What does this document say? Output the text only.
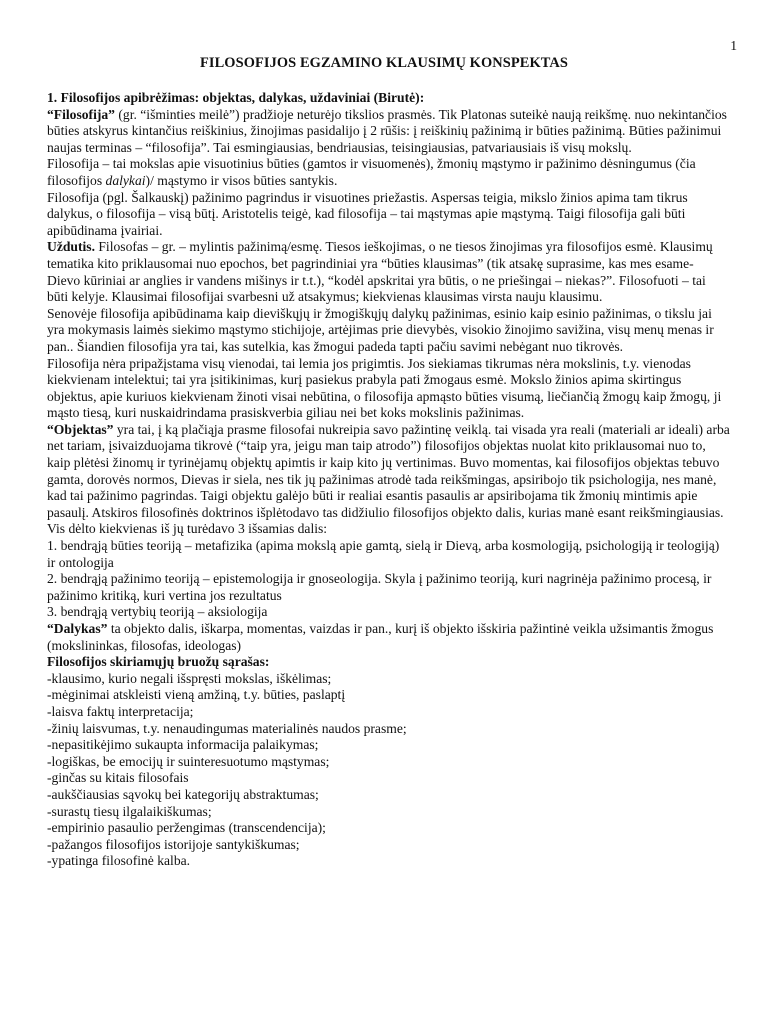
1
FILOSOFIJOS EGZAMINO KLAUSIMŲ KONSPEKTAS

1. Filosofijos apibrėžimas: objektas, dalykas, uždaviniai (Birutė):

“Filosofija” (gr. “išminties meilė”) pradžioje neturėjo tikslios prasmės. Tik Platonas suteikė naują reikšmę. nuo nekintančios būties atskyrus kintančius reiškinius, žinojimas pasidalijo į 2 rūšis: į reiškinių pažinimą ir būties pažinimą. Būties pažinimui naujas terminas – “filosofija”. Tai esmingiausias, bendriausias, teisingiausias, patvariausiais iš visų mokslų.

Filosofija – tai mokslas apie visuotinius būties (gamtos ir visuomenės), žmonių mąstymo ir pažinimo dėsningumus (čia filosofijos dalykai)/ mąstymo ir visos būties santykis.

Filosofija (pgl. Šalkauskį) pažinimo pagrindus ir visuotines priežastis. Aspersas teigia, mikslo žinios apima tam tikrus dalykus, o filosofija – visą būtį. Aristotelis teigė, kad filosofija – tai mąstymas apie mąstymą. Taigi filosofija gali būti apibūdinama įvairiai.

Uždutis. Filosofas – gr. – mylintis pažinimą/esmę. Tiesos ieškojimas, o ne tiesos žinojimas yra filosofijos esmė. Klausimų tematika kito priklausomai nuo epochos, bet pagrindiniai yra “būties klausimas” (tik atsakę suprasime, kas mes esame- Dievo kūriniai ar anglies ir vandens mišinys ir t.t.), “kodėl apskritai yra būtis, o ne priešingai – niekas?”. Filosofuoti – tai būti kelyje. Klausimai filosofijai svarbesni už atsakymus; kiekvienas klausimas virsta nauju klausimu.

Senovėje filosofija apibūdinama kaip dieviškųjų ir žmogiškųjų dalykų pažinimas, esinio kaip esinio pažinimas, o tikslu jai yra mokymasis laimės siekimo mąstymo stichijoje, artėjimas prie dievybės, visokio žinojimo savižina, visų menų menas ir pan.. Šiandien filosofija yra tai, kas sutelkia, kas žmogui padeda tapti pačiu savimi nebėgant nuo tikrovės.

Filosofija nėra pripažįstama visų vienodai, tai lemia jos prigimtis. Jos siekiamas tikrumas nėra mokslinis, t.y. vienodas kiekvienam intelektui; tai yra įsitikinimas, kurį pasiekus prabyla pati žmogaus esmė. Mokslo žinios apima skirtingus objektus, apie kuriuos kiekvienam žinoti visai nebūtina, o filosofija apmąsto būties visumą, liečiančią žmogų kaip žmogų, ji mąsto tiesą, kuri nuskaidrindama prasiskverbia giliau nei bet koks mokslinis pažinimas.

“Objektas” yra tai, į ką plačiąja prasme filosofai nukreipia savo pažintinę veiklą. tai visada yra reali (materiali ar ideali) arba net tariam, įsivaizduojama tikrovė (“taip yra, jeigu man taip atrodo”) filosofijos objektas nuolat kito priklausomai nuo to, kaip plėtėsi žinomų ir tyrinėjamų objektų apimtis ir kaip kito jų vertinimas. Buvo momentas, kai filosofijos objektas tebuvo gamta, dorovės normos, Dievas ir siela, nes tik jų pažinimas atrodė tada reikšmingas, apsiribojo tik psichologija, nes manė, kad tai pažinimo pagrindas. Taigi objektu galėjo būti ir realiai esantis pasaulis ar apsiribojama tik žmonių mintimis apie pasaulį. Atskiros filosofinės doktrinos išplėtodavo tas didžiulio filosofijos objekto dalis, kurias manė esant reikšmingiausias. Vis dėlto kiekvienas iš jų turėdavo 3 išsamias dalis:

1. bendrąją būties teoriją – metafizika (apima mokslą apie gamtą, sielą ir Dievą, arba kosmologiją, psichologiją ir teologiją) ir ontologija

2. bendrąją pažinimo teoriją – epistemologija ir gnoseologija. Skyla į pažinimo teoriją, kuri nagrinėja pažinimo procesą, ir pažinimo kritiką, kuri vertina jos rezultatus

3. bendrąją vertybių teoriją – aksiologija

“Dalykas” ta objekto dalis, iškarpa, momentas, vaizdas ir pan., kurį iš objekto išskiria pažintinė veikla užsimantis žmogus (mokslininkas, filosofas, ideologas)

Filosofijos skiriamųjų bruožų sąrašas:

-klausimo, kurio negali išspręsti mokslas, iškėlimas;

-mėginimai atskleisti vieną amžiną, t.y. būties, paslaptį

-laisva faktų interpretacija;

-žinių laisvumas, t.y. nenaudingumas materialinės naudos prasme;

-nepasitikėjimo sukaupta informacija palaikymas;

-logiškas, be emocijų ir suinteresuotumo mąstymas;

-ginčas su kitais filosofais

-aukščiausias sąvokų bei kategorijų abstraktumas;

-surastų tiesų ilgalaikiškumas;

-empirinio pasaulio peržengimas (transcendencija);

-pažangos filosofijos istorijoje santykiškumas;

-ypatinga filosofinė kalba.
